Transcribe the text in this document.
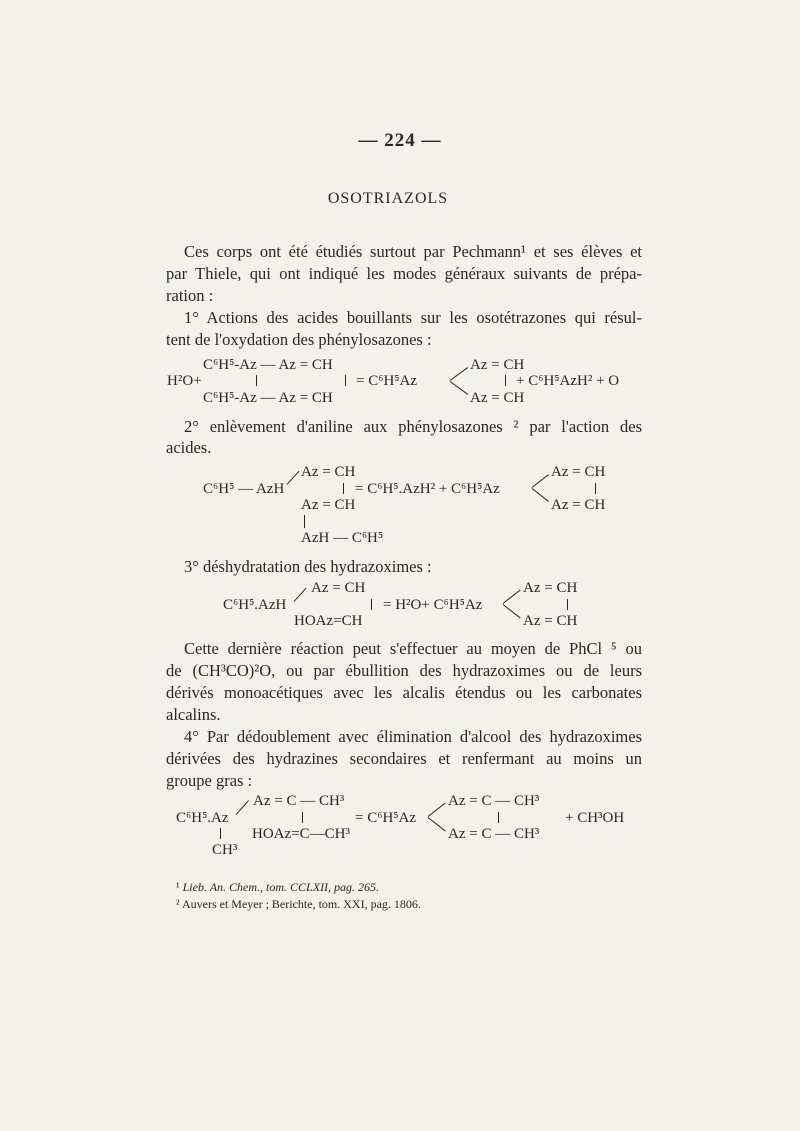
— 224 —
OSOTRIAZOLS
Ces corps ont été étudiés surtout par Pechmann¹ et ses élèves et
par Thiele, qui ont indiqué les modes généraux suivants de prépa-
ration :
1° Actions des acides bouillants sur les osotétrazones qui résul-
tent de l'oxydation des phénylosazones :
C⁶H⁵-Az — Az = CH
H²O+
C⁶H⁵-Az — Az = CH
= C⁶H⁵Az
Az = CH
Az = CH
+ C⁶H⁵AzH² + O
2° enlèvement d'aniline aux phénylosazones ² par l'action des
acides.
Az = CH
C⁶H⁵ — AzH	= C⁶H⁵.AzH² + C⁶H⁵Az
Az = CH
Az = CH
Az = CH
AzH — C⁶H⁵
3° déshydratation des hydrazoximes :
Az = CH
C⁶H⁵.AzH	= H²O+ C⁶H⁵Az
Az = CH
Az = CH
HOAz=CH
Cette dernière réaction peut s'effectuer au moyen de PhCl ⁵ ou
de (CH³CO)²O, ou par ébullition des hydrazoximes ou de leurs
dérivés monoacétiques avec les alcalis étendus ou les carbonates
alcalins.
4° Par dédoublement avec élimination d'alcool des hydrazoximes
dérivées des hydrazines secondaires et renfermant au moins un
groupe gras :
Az = C — CH³
C⁶H⁵.Az	= C⁶H⁵Az
Az = C — CH³
Az = C — CH³
+ CH³OH
HOAz=C—CH³
CH³
¹ Lieb. An. Chem., tom. CCLXII, pag. 265.
² Auvers et Meyer ; Berichte, tom. XXI, pag. 1806.
